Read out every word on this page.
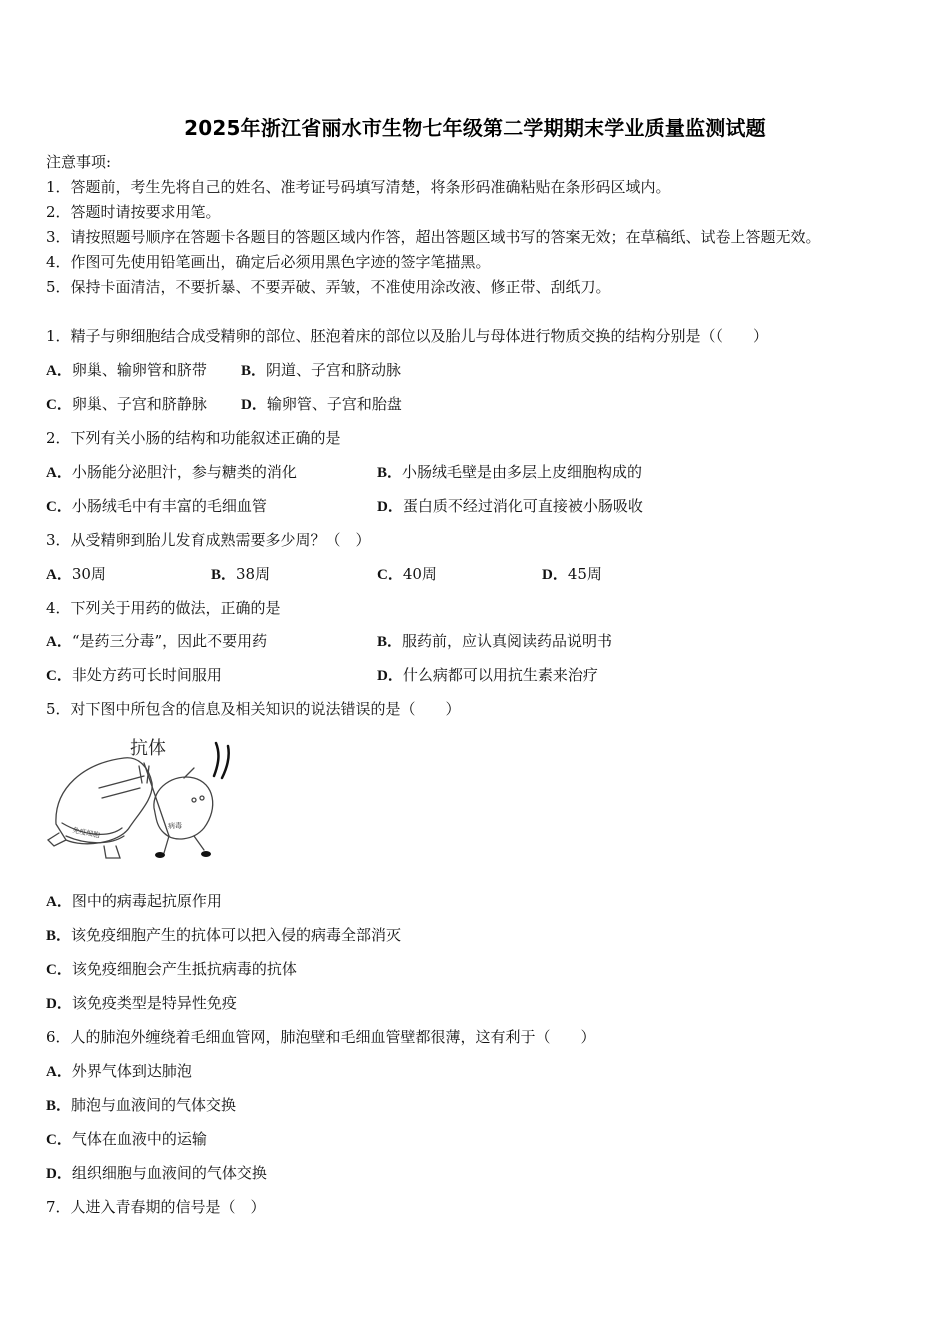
2025年浙江省丽水市生物七年级第二学期期末学业质量监测试题
注意事项:
1．答题前，考生先将自己的姓名、准考证号码填写清楚，将条形码准确粘贴在条形码区域内。
2．答题时请按要求用笔。
3．请按照题号顺序在答题卡各题目的答题区域内作答，超出答题区域书写的答案无效；在草稿纸、试卷上答题无效。
4．作图可先使用铅笔画出，确定后必须用黑色字迹的签字笔描黑。
5．保持卡面清洁，不要折暴、不要弄破、弄皱，不准使用涂改液、修正带、刮纸刀。
1．精子与卵细胞结合成受精卵的部位、胚泡着床的部位以及胎儿与母体进行物质交换的结构分别是（（　　）
A．卵巢、输卵管和脐带 B．阴道、子宫和脐动脉
C．卵巢、子宫和脐静脉 D．输卵管、子宫和胎盘
2．下列有关小肠的结构和功能叙述正确的是
A．小肠能分泌胆汁，参与糖类的消化	B．小肠绒毛壁是由多层上皮细胞构成的
C．小肠绒毛中有丰富的毛细血管	D．蛋白质不经过消化可直接被小肠吸收
3．从受精卵到胎儿发育成熟需要多少周？（　）
A．30周	B．38周	C．40周	D．45周
4．下列关于用药的做法，正确的是
A．“是药三分毒”，因此不要用药	B．服药前，应认真阅读药品说明书
C．非处方药可长时间服用	D．什么病都可以用抗生素来治疗
5．对下图中所包含的信息及相关知识的说法错误的是（　　）
抗体
免疫细胞
病毒
A．图中的病毒起抗原作用
B．该免疫细胞产生的抗体可以把入侵的病毒全部消灭
C．该免疫细胞会产生抵抗病毒的抗体
D．该免疫类型是特异性免疫
6．人的肺泡外缠绕着毛细血管网，肺泡壁和毛细血管壁都很薄，这有利于（　　）
A．外界气体到达肺泡
B．肺泡与血液间的气体交换
C．气体在血液中的运输
D．组织细胞与血液间的气体交换
7．人进入青春期的信号是（　）
